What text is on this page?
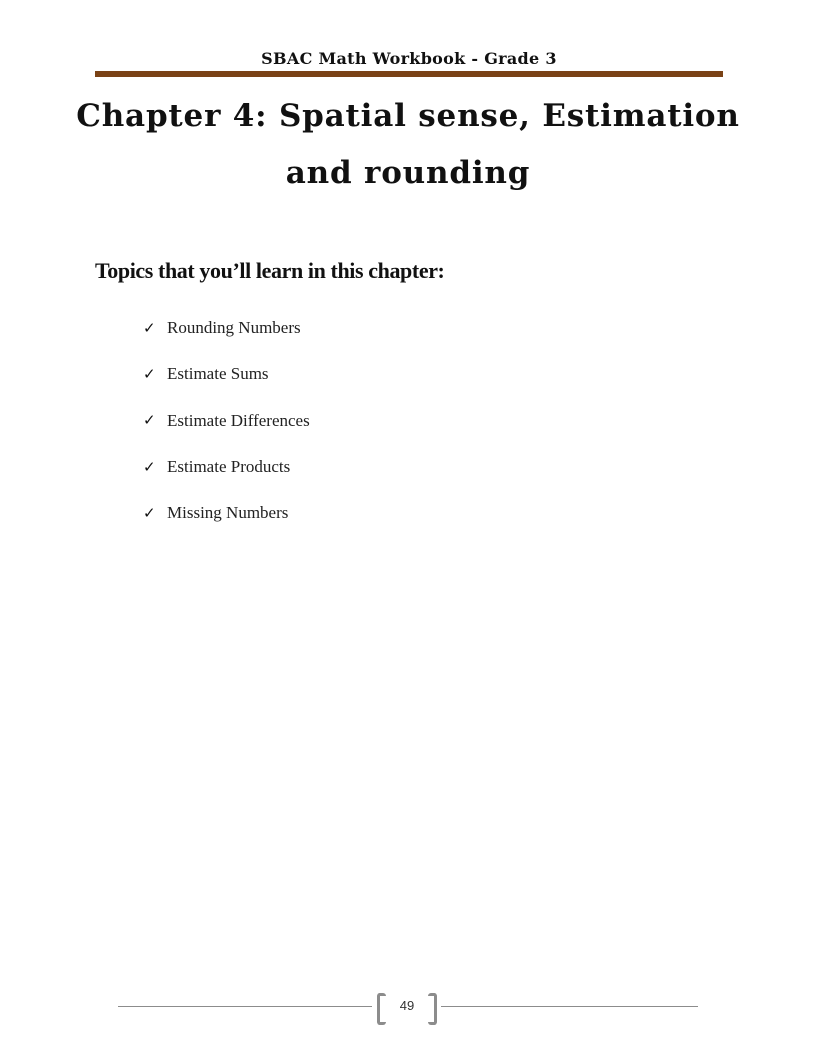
SBAC Math Workbook - Grade 3
Chapter 4: Spatial sense, Estimation
and rounding
Topics that you’ll learn in this chapter:
✓ Rounding Numbers
✓ Estimate Sums
✓ Estimate Differences
✓ Estimate Products
✓ Missing Numbers
49
